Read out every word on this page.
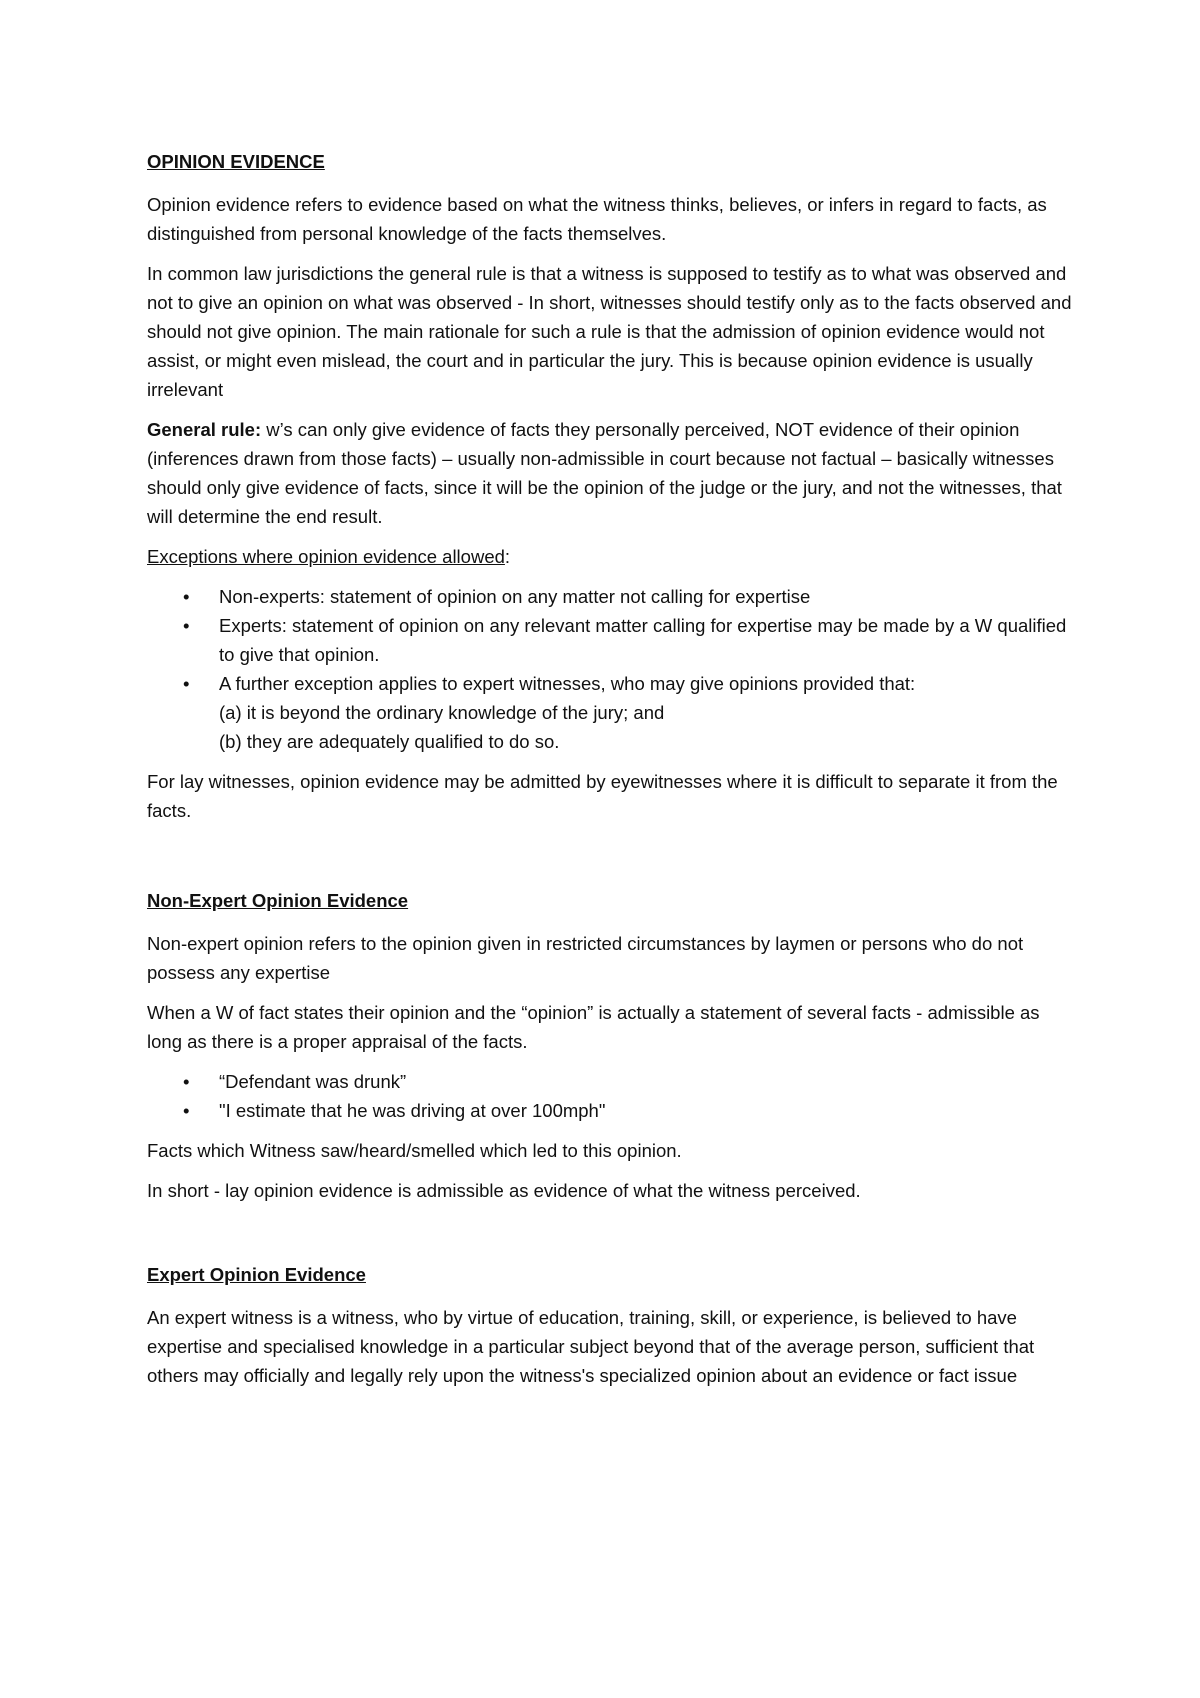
OPINION EVIDENCE

Opinion evidence refers to evidence based on what the witness thinks, believes, or infers in regard to facts, as distinguished from personal knowledge of the facts themselves.

In common law jurisdictions the general rule is that a witness is supposed to testify as to what was observed and not to give an opinion on what was observed - In short, witnesses should testify only as to the facts observed and should not give opinion. The main rationale for such a rule is that the admission of opinion evidence would not assist, or might even mislead, the court and in particular the jury. This is because opinion evidence is usually irrelevant

General rule: w’s can only give evidence of facts they personally perceived, NOT evidence of their opinion (inferences drawn from those facts) – usually non-admissible in court because not factual – basically witnesses should only give evidence of facts, since it will be the opinion of the judge or the jury, and not the witnesses, that will determine the end result.

Exceptions where opinion evidence allowed:

• Non-experts: statement of opinion on any matter not calling for expertise
• Experts: statement of opinion on any relevant matter calling for expertise may be made by a W qualified to give that opinion.
• A further exception applies to expert witnesses, who may give opinions provided that:
(a) it is beyond the ordinary knowledge of the jury; and
(b) they are adequately qualified to do so.

For lay witnesses, opinion evidence may be admitted by eyewitnesses where it is difficult to separate it from the facts.

Non-Expert Opinion Evidence

Non-expert opinion refers to the opinion given in restricted circumstances by laymen or persons who do not possess any expertise

When a W of fact states their opinion and the “opinion” is actually a statement of several facts - admissible as long as there is a proper appraisal of the facts.

• “Defendant was drunk”
• "I estimate that he was driving at over 100mph"

Facts which Witness saw/heard/smelled which led to this opinion.

In short - lay opinion evidence is admissible as evidence of what the witness perceived.

Expert Opinion Evidence

An expert witness is a witness, who by virtue of education, training, skill, or experience, is believed to have expertise and specialised knowledge in a particular subject beyond that of the average person, sufficient that others may officially and legally rely upon the witness's specialized opinion about an evidence or fact issue
